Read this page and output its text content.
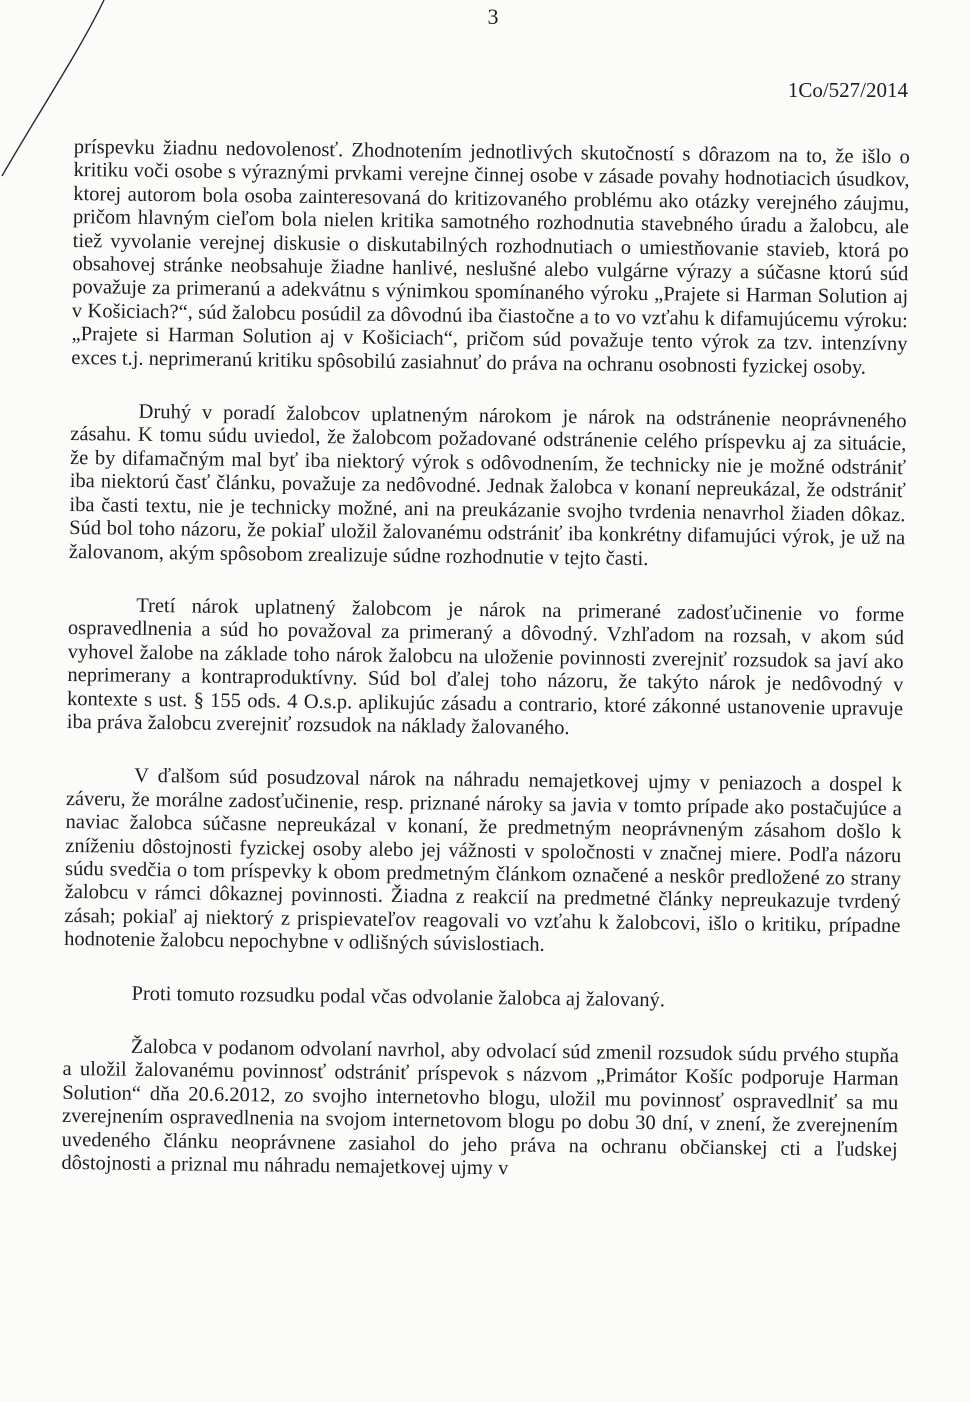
3
1Co/527/2014

príspevku žiadnu nedovolenosť. Zhodnotením jednotlivých skutočností s dôrazom na to, že išlo o kritiku voči osobe s výraznými prvkami verejne činnej osobe v zásade povahy hodnotiacich úsudkov, ktorej autorom bola osoba zainteresovaná do kritizovaného problému ako otázky verejného záujmu, pričom hlavným cieľom bola nielen kritika samotného rozhodnutia stavebného úradu a žalobcu, ale tiež vyvolanie verejnej diskusie o diskutabilných rozhodnutiach o umiestňovanie stavieb, ktorá po obsahovej stránke neobsahuje žiadne hanlivé, neslušné alebo vulgárne výrazy a súčasne ktorú súd považuje za primeranú a adekvátnu s výnimkou spomínaného výroku „Prajete si Harman Solution aj v Košiciach?“, súd žalobcu posúdil za dôvodnú iba čiastočne a to vo vzťahu k difamujúcemu výroku: „Prajete si Harman Solution aj v Košiciach“, pričom súd považuje tento výrok za tzv. intenzívny exces t.j. neprimeranú kritiku spôsobilú zasiahnuť do práva na ochranu osobnosti fyzickej osoby.

Druhý v poradí žalobcov uplatneným nárokom je nárok na odstránenie neoprávneného zásahu. K tomu súdu uviedol, že žalobcom požadované odstránenie celého príspevku aj za situácie, že by difamačným mal byť iba niektorý výrok s odôvodnením, že technicky nie je možné odstrániť iba niektorú časť článku, považuje za nedôvodné. Jednak žalobca v konaní nepreukázal, že odstrániť iba časti textu, nie je technicky možné, ani na preukázanie svojho tvrdenia nenavrhol žiaden dôkaz. Súd bol toho názoru, že pokiaľ uložil žalovanému odstrániť iba konkrétny difamujúci výrok, je už na žalovanom, akým spôsobom zrealizuje súdne rozhodnutie v tejto časti.

Tretí nárok uplatnený žalobcom je nárok na primerané zadosťučinenie vo forme ospravedlnenia a súd ho považoval za primeraný a dôvodný. Vzhľadom na rozsah, v akom súd vyhovel žalobe na základe toho nárok žalobcu na uloženie povinnosti zverejniť rozsudok sa javí ako neprimerany a kontraproduktívny. Súd bol ďalej toho názoru, že takýto nárok je nedôvodný v kontexte s ust. § 155 ods. 4 O.s.p. aplikujúc zásadu a contrario, ktoré zákonné ustanovenie upravuje iba práva žalobcu zverejniť rozsudok na náklady žalovaného.

V ďalšom súd posudzoval nárok na náhradu nemajetkovej ujmy v peniazoch a dospel k záveru, že morálne zadosťučinenie, resp. priznané nároky sa javia v tomto prípade ako postačujúce a naviac žalobca súčasne nepreukázal v konaní, že predmetným neoprávneným zásahom došlo k zníženiu dôstojnosti fyzickej osoby alebo jej vážnosti v spoločnosti v značnej miere. Podľa názoru súdu svedčia o tom príspevky k obom predmetným článkom označené a neskôr predložené zo strany žalobcu v rámci dôkaznej povinnosti. Žiadna z reakcií na predmetné články nepreukazuje tvrdený zásah; pokiaľ aj niektorý z prispievateľov reagovali vo vzťahu k žalobcovi, išlo o kritiku, prípadne hodnotenie žalobcu nepochybne v odlišných súvislostiach.

Proti tomuto rozsudku podal včas odvolanie žalobca aj žalovaný.

Žalobca v podanom odvolaní navrhol, aby odvolací súd zmenil rozsudok súdu prvého stupňa a uložil žalovanému povinnosť odstrániť príspevok s názvom „Primátor Košíc podporuje Harman Solution“ dňa 20.6.2012, zo svojho internetovho blogu, uložil mu povinnosť ospravedlniť sa mu zverejnením ospravedlnenia na svojom internetovom blogu po dobu 30 dní, v znení, že zverejnením uvedeného článku neoprávnene zasiahol do jeho práva na ochranu občianskej cti a ľudskej dôstojnosti a priznal mu náhradu nemajetkovej ujmy v
